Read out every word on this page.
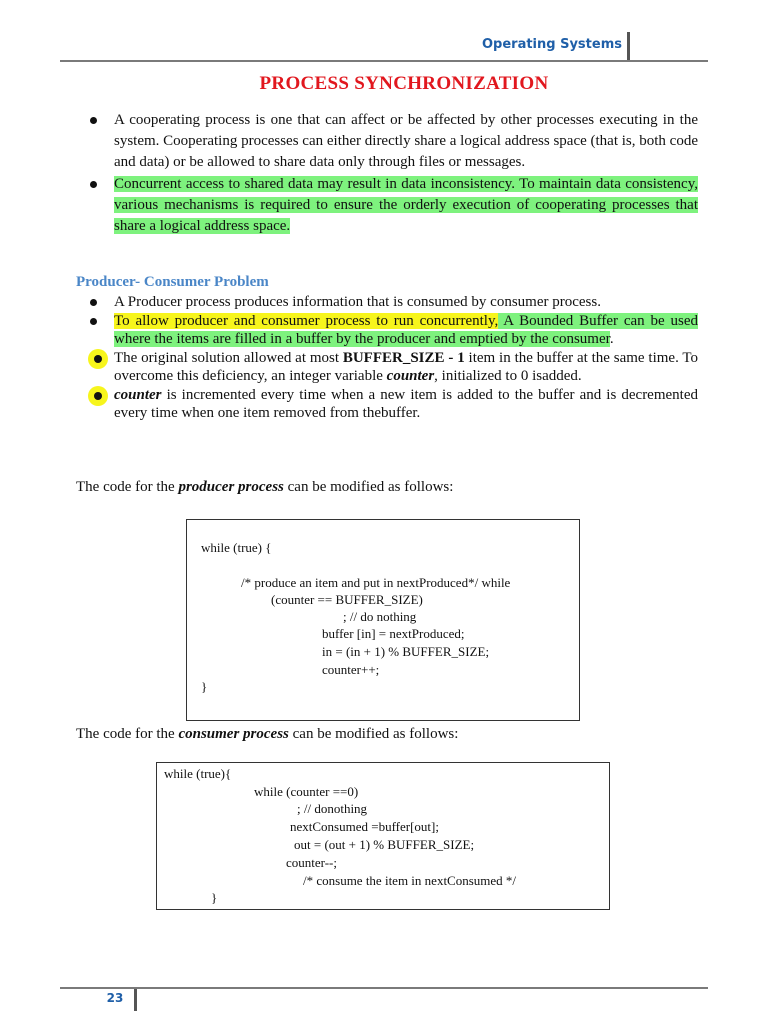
Operating Systems
PROCESS SYNCHRONIZATION
A cooperating process is one that can affect or be affected by other processes executing in the system. Cooperating processes can either directly share a logical address space (that is, both code and data) or be allowed to share data only through files or messages.
Concurrent access to shared data may result in data inconsistency. To maintain data consistency, various mechanisms is required to ensure the orderly execution of cooperating processes that share a logical address space.
Producer- Consumer Problem
A Producer process produces information that is consumed by consumer process.
To allow producer and consumer process to run concurrently, A Bounded Buffer can be used where the items are filled in a buffer by the producer and emptied by the consumer.
The original solution allowed at most BUFFER_SIZE - 1 item in the buffer at the same time. To overcome this deficiency, an integer variable counter, initialized to 0 isadded.
counter is incremented every time when a new item is added to the buffer and is decremented every time when one item removed from thebuffer.
The code for the producer process can be modified as follows:
while (true) {
/* produce an item and put in nextProduced*/ while
(counter == BUFFER_SIZE)
; // do nothing
buffer [in] = nextProduced;
in = (in + 1) % BUFFER_SIZE;
counter++;
}
The code for the consumer process can be modified as follows:
while (true){
while (counter ==0)
; // donothing
nextConsumed =buffer[out];
out = (out + 1) % BUFFER_SIZE;
counter--;
/* consume the item in nextConsumed */
}
23
